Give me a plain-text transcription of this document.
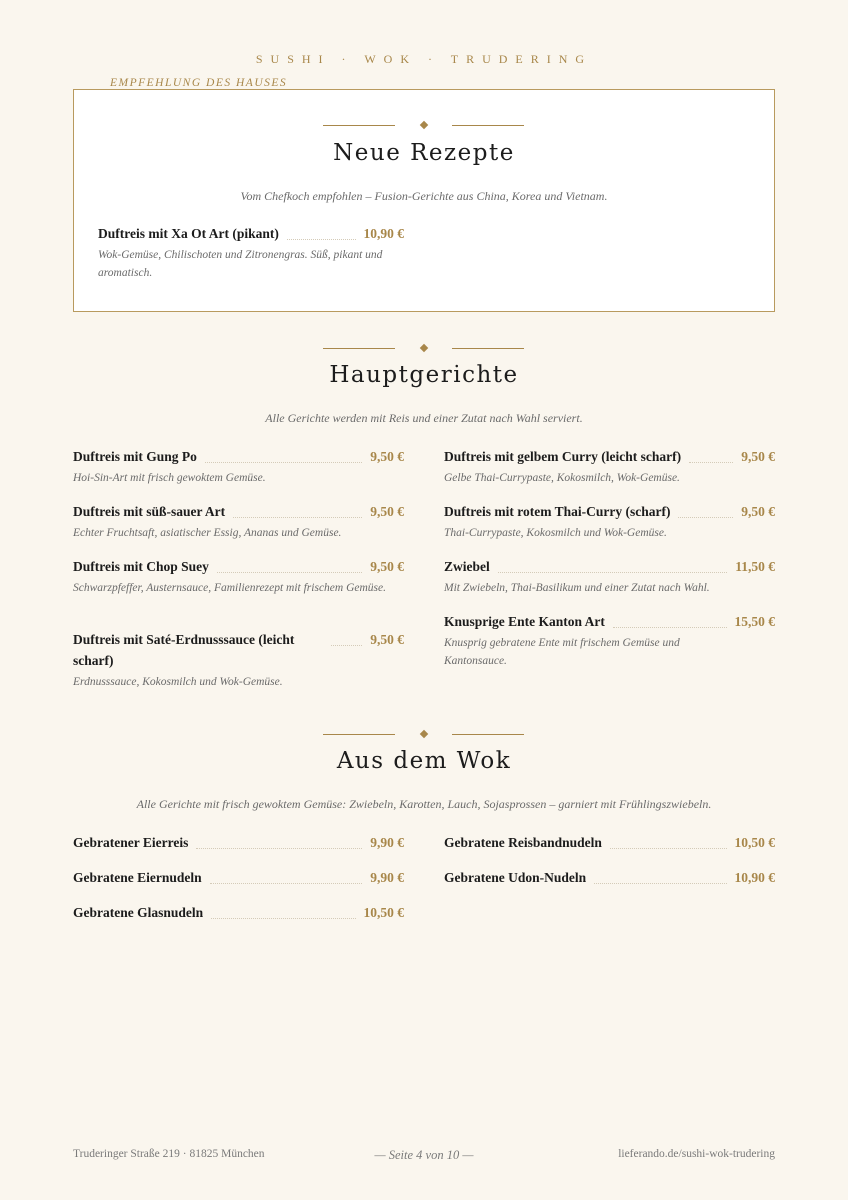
SUSHI · WOK · TRUDERING
EMPFEHLUNG DES HAUSES
Neue Rezepte
Vom Chefkoch empfohlen – Fusion-Gerichte aus China, Korea und Vietnam.
Duftreis mit Xa Ot Art (pikant)	10,90 €
Wok-Gemüse, Chilischoten und Zitronengras. Süß, pikant und aromatisch.
Hauptgerichte
Alle Gerichte werden mit Reis und einer Zutat nach Wahl serviert.
Duftreis mit Gung Po	9,50 €
Hoi-Sin-Art mit frisch gewoktem Gemüse.
Duftreis mit süß-sauer Art	9,50 €
Echter Fruchtsaft, asiatischer Essig, Ananas und Gemüse.
Duftreis mit Chop Suey	9,50 €
Schwarzpfeffer, Austernsauce, Familienrezept mit frischem Gemüse.
Duftreis mit Saté-Erdnusssauce (leicht scharf)
9,50 €
Erdnusssauce, Kokosmilch und Wok-Gemüse.
Duftreis mit gelbem Curry (leicht scharf)	9,50 €
Gelbe Thai-Currypaste, Kokosmilch, Wok-Gemüse.
Duftreis mit rotem Thai-Curry (scharf)	9,50 €
Thai-Currypaste, Kokosmilch und Wok-Gemüse.
Zwiebel	11,50 €
Mit Zwiebeln, Thai-Basilikum und einer Zutat nach Wahl.
Knusprige Ente Kanton Art	15,50 €
Knusprig gebratene Ente mit frischem Gemüse und Kantonsauce.
Aus dem Wok
Alle Gerichte mit frisch gewoktem Gemüse: Zwiebeln, Karotten, Lauch, Sojasprossen – garniert mit Frühlingszwiebeln.
Gebratener Eierreis	9,90 €
Gebratene Eiernudeln	9,90 €
Gebratene Glasnudeln	10,50 €
Gebratene Reisbandnudeln	10,50 €
Gebratene Udon-Nudeln	10,90 €
Truderinger Straße 219 · 81825 München	— Seite 4 von 10 —	lieferando.de/sushi-wok-trudering
